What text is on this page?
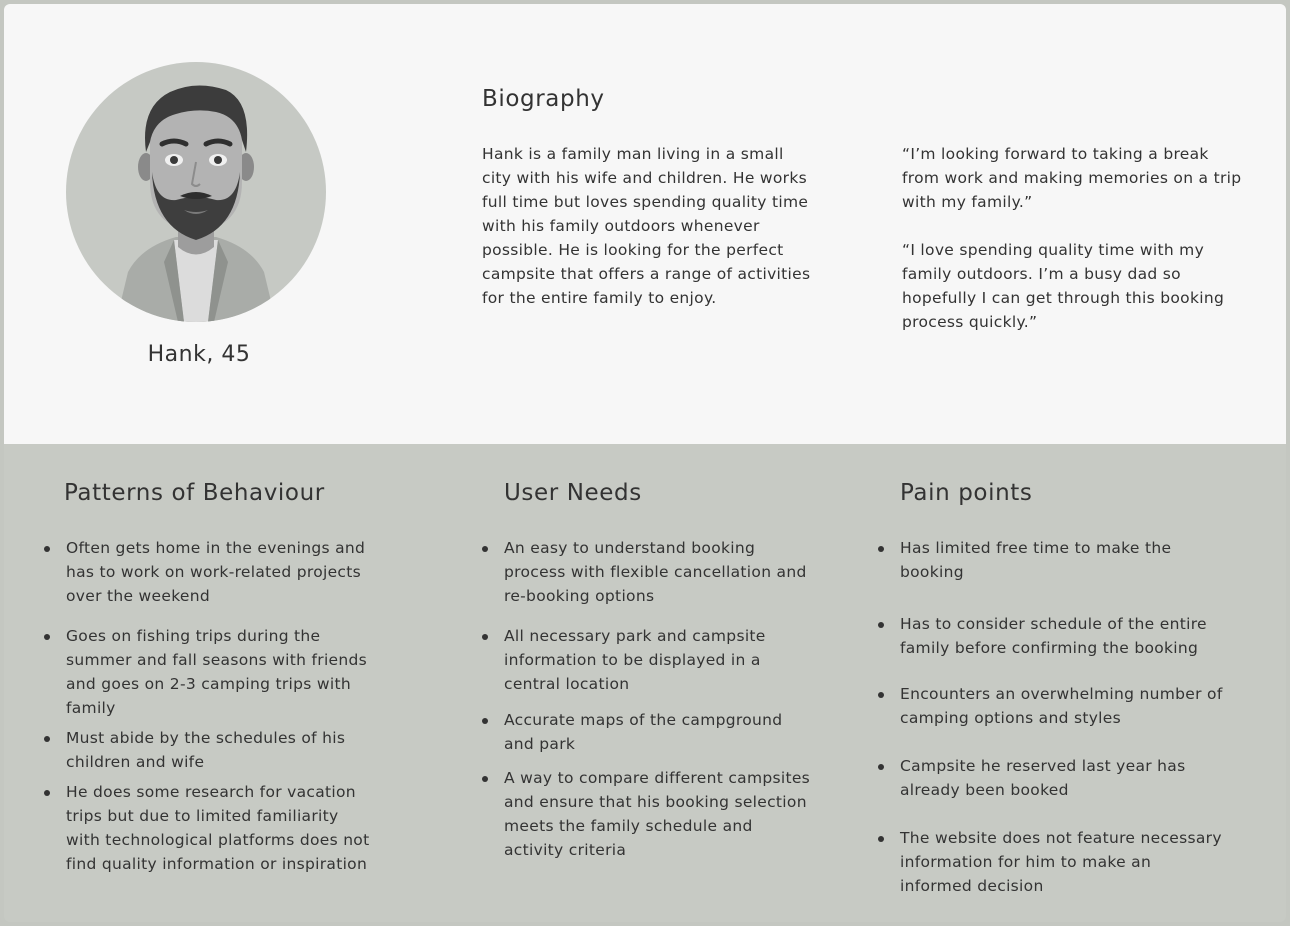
Hank, 45
Biography
Hank is a family man living in a small city with his wife and children. He works full time but loves spending quality time with his family outdoors whenever possible. He is looking for the perfect campsite that offers a range of activities for the entire family to enjoy.
“I’m looking forward to taking a break from work and making memories on a trip with my family.”
“I love spending quality time with my family outdoors. I’m a busy dad so hopefully I can get through this booking process quickly.”
Patterns of Behaviour
Often gets home in the evenings and has to work on work-related projects over the weekend
Goes on fishing trips during the summer and fall seasons with friends and goes on 2-3 camping trips with family
Must abide by the schedules of his children and wife
He does some research for vacation trips but due to limited familiarity with technological platforms does not find quality information or inspiration
User Needs
An easy to understand booking process with flexible cancellation and re-booking options
All necessary park and campsite information to be displayed in a central location
Accurate maps of the campground and park
A way to compare different campsites and ensure that his booking selection meets the family schedule and activity criteria
Pain points
Has limited free time to make the booking
Has to consider schedule of the entire family before confirming the booking
Encounters an overwhelming number of camping options and styles
Campsite he reserved last year has already been booked
The website does not feature necessary information for him to make an informed decision
